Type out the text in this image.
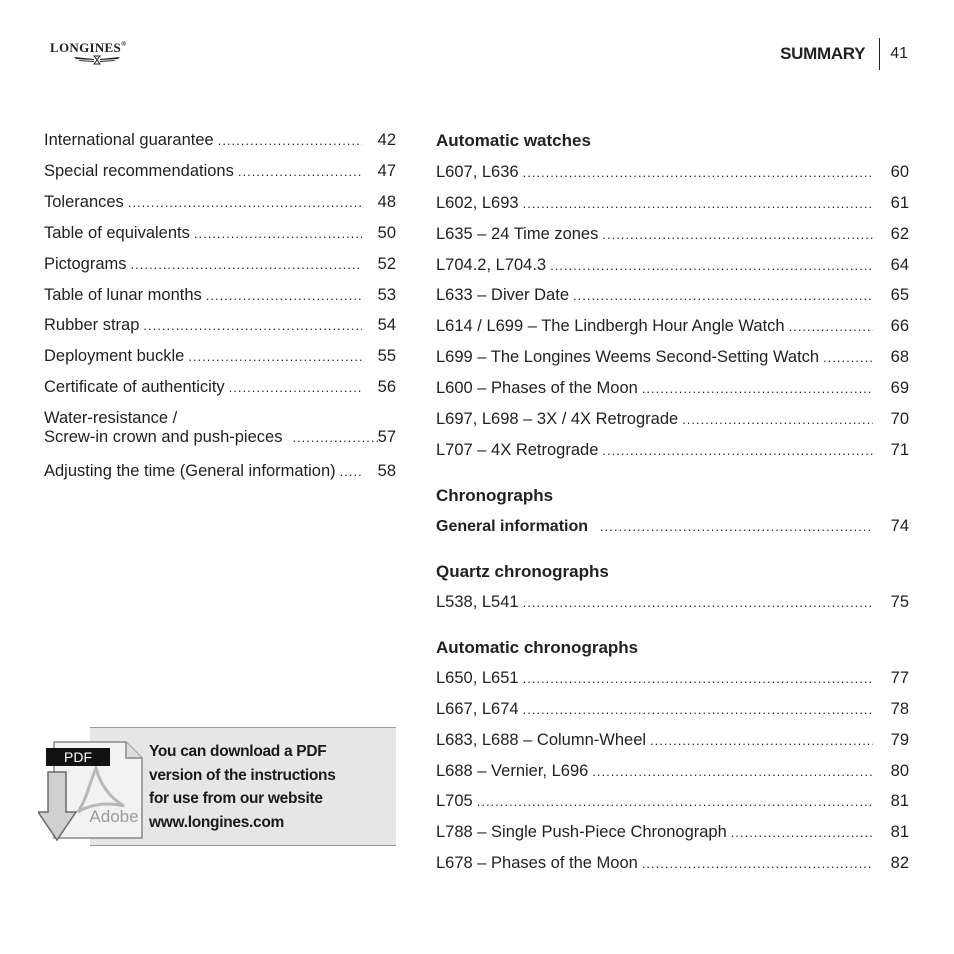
LONGINES®	SUMMARY	41
International guarantee .....	42
Special recommendations .....	47
Tolerances .....	48
Table of equivalents .....	50
Pictograms .....	52
Table of lunar months .....	53
Rubber strap .....	54
Deployment buckle .....	55
Certificate of authenticity .....	56
Water-resistance /
Screw-in crown and push-pieces .....	57
Adjusting the time (General information) .....	58
Automatic watches
L607, L636 .....	60
L602, L693 .....	61
L635 – 24 Time zones .....	62
L704.2, L704.3 .....	64
L633 – Diver Date .....	65
L614 / L699 – The Lindbergh Hour Angle Watch .....	66
L699 – The Longines Weems Second-Setting Watch .....	68
L600 – Phases of the Moon .....	69
L697, L698 – 3X / 4X Retrograde .....	70
L707 – 4X Retrograde .....	71
Chronographs
General information .....	74
Quartz chronographs
L538, L541 .....	75
Automatic chronographs
L650, L651 .....	77
L667, L674 .....	78
L683, L688 – Column-Wheel .....	79
L688 – Vernier, L696 .....	80
L705 .....	81
L788 – Single Push-Piece Chronograph .....	81
L678 – Phases of the Moon .....	82
PDF
Adobe
You can download a PDF
version of the instructions
for use from our website
www.longines.com
